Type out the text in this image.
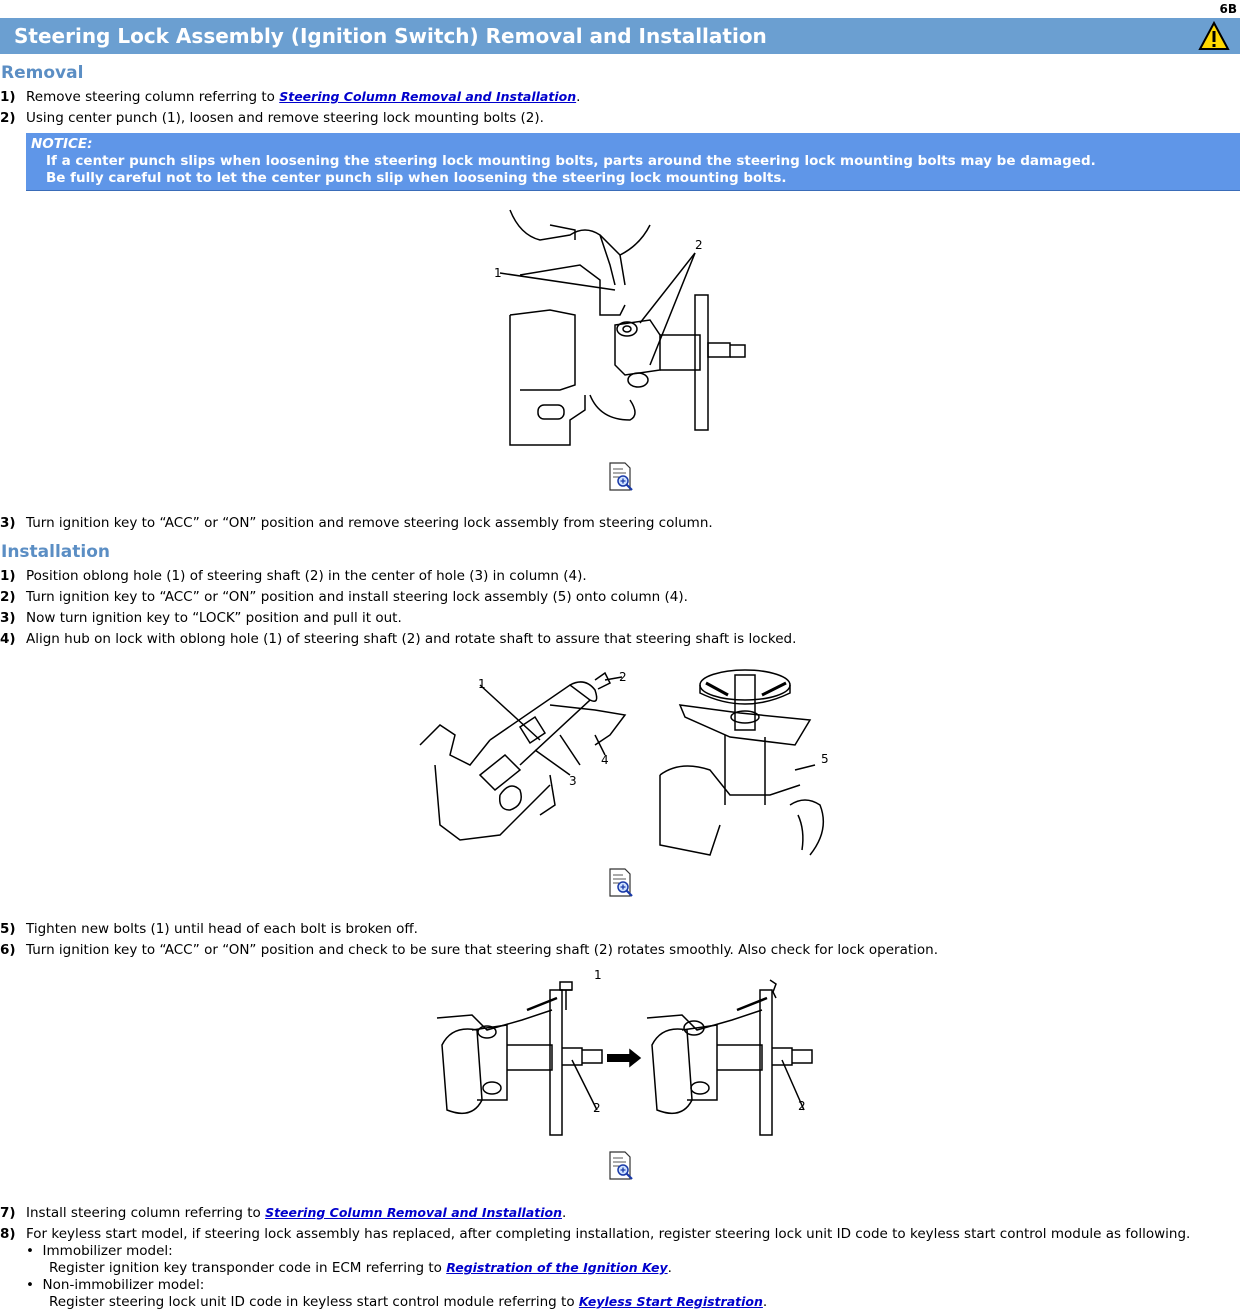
6B
Steering Lock Assembly (Ignition Switch) Removal and Installation
Removal
1) Remove steering column referring to Steering Column Removal and Installation.
2) Using center punch (1), loosen and remove steering lock mounting bolts (2).
NOTICE:
If a center punch slips when loosening the steering lock mounting bolts, parts around the steering lock mounting bolts may be damaged.
Be fully careful not to let the center punch slip when loosening the steering lock mounting bolts.
1
2
3) Turn ignition key to “ACC” or “ON” position and remove steering lock assembly from steering column.
Installation
1) Position oblong hole (1) of steering shaft (2) in the center of hole (3) in column (4).
2) Turn ignition key to “ACC” or “ON” position and install steering lock assembly (5) onto column (4).
3) Now turn ignition key to “LOCK” position and pull it out.
4) Align hub on lock with oblong hole (1) of steering shaft (2) and rotate shaft to assure that steering shaft is locked.
1	2
3
4	5
5) Tighten new bolts (1) until head of each bolt is broken off.
6) Turn ignition key to “ACC” or “ON” position and check to be sure that steering shaft (2) rotates smoothly. Also check for lock operation.
1
2	2
7) Install steering column referring to Steering Column Removal and Installation.
8) For keyless start model, if steering lock assembly has replaced, after completing installation, register steering lock unit ID code to keyless start control module as following.
•  Immobilizer model:
Register ignition key transponder code in ECM referring to Registration of the Ignition Key.
•  Non-immobilizer model:
Register steering lock unit ID code in keyless start control module referring to Keyless Start Registration.
